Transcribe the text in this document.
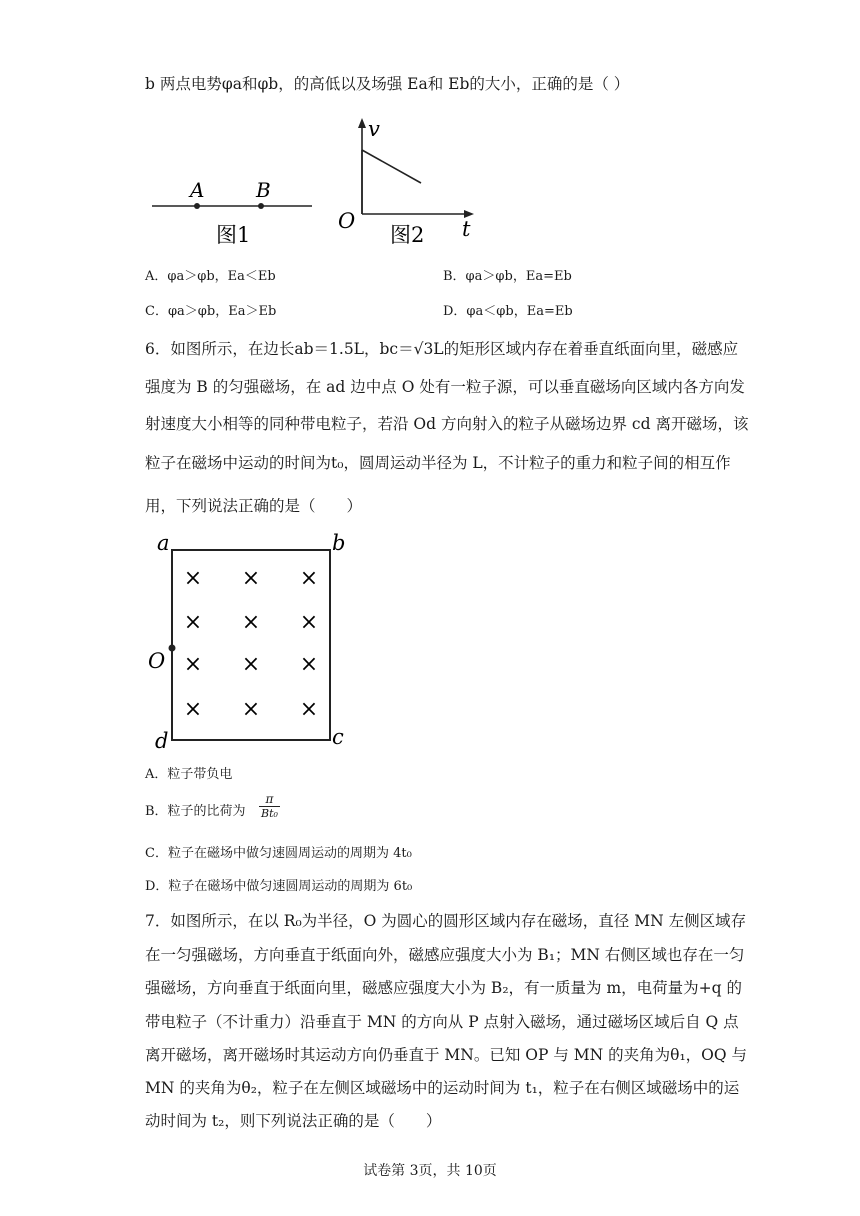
b 两点电势φa和φb，的高低以及场强 Ea和 Eb的大小，正确的是（ ）
A	B
图1
v
t
O
图2
A．φa＞φb，Ea＜Eb	B．φa＞φb，Ea=Eb
C．φa＞φb，Ea＞Eb	D．φa＜φb，Ea=Eb
6．如图所示，在边长ab＝1.5L，bc＝√3L的矩形区域内存在着垂直纸面向里，磁感应
强度为 B 的匀强磁场，在 ad 边中点 O 处有一粒子源，可以垂直磁场向区域内各方向发
射速度大小相等的同种带电粒子，若沿 Od 方向射入的粒子从磁场边界 cd 离开磁场，该
粒子在磁场中运动的时间为t₀，圆周运动半径为 L，不计粒子的重力和粒子间的相互作
用，下列说法正确的是（　　）
a	b
c
d
O
× × ×
× × ×
× × ×
× × ×
A．粒子带负电
B．粒子的比荷为
π
Bt₀
C．粒子在磁场中做匀速圆周运动的周期为 4t₀
D．粒子在磁场中做匀速圆周运动的周期为 6t₀
7．如图所示，在以 R₀为半径，O 为圆心的圆形区域内存在磁场，直径 MN 左侧区域存
在一匀强磁场，方向垂直于纸面向外，磁感应强度大小为 B₁；MN 右侧区域也存在一匀
强磁场，方向垂直于纸面向里，磁感应强度大小为 B₂，有一质量为 m，电荷量为+q 的
带电粒子（不计重力）沿垂直于 MN 的方向从 P 点射入磁场，通过磁场区域后自 Q 点
离开磁场，离开磁场时其运动方向仍垂直于 MN。已知 OP 与 MN 的夹角为θ₁，OQ 与
MN 的夹角为θ₂，粒子在左侧区域磁场中的运动时间为 t₁，粒子在右侧区域磁场中的运
动时间为 t₂，则下列说法正确的是（　　）
试卷第 3页，共 10页
